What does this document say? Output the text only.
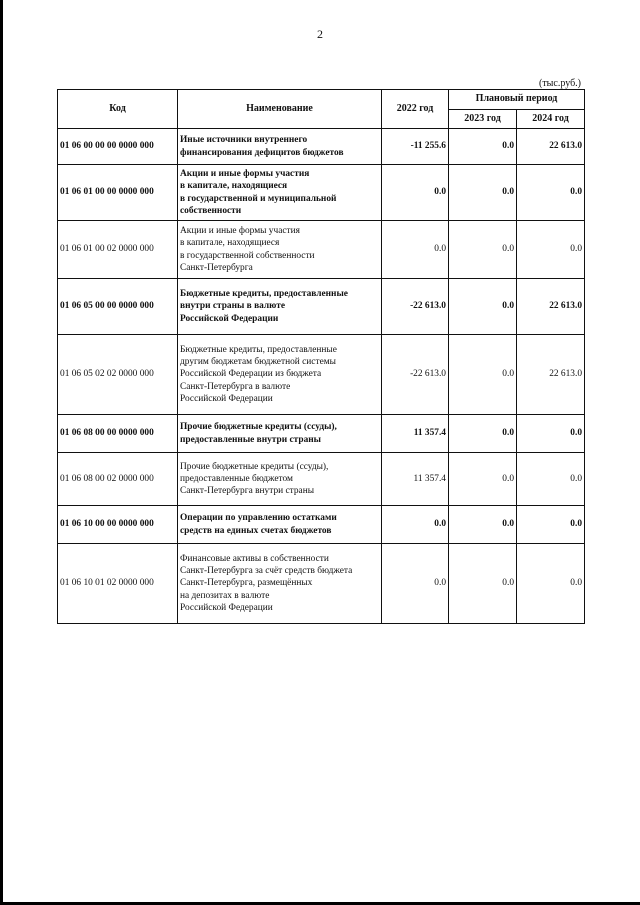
2
(тыс.руб.)
Код	Наименование	2022 год	Плановый период	
			2023 год	2024 год
01 06 00 00 00 0000 000	Иные источники внутреннего
финансирования дефицитов бюджетов	-11 255.6	0.0	22 613.0
01 06 01 00 00 0000 000	Акции и иные формы участия
в капитале, находящиеся
в государственной и муниципальной
собственности	0.0	0.0	0.0
01 06 01 00 02 0000 000	Акции и иные формы участия
в капитале, находящиеся
в государственной собственности
Санкт-Петербурга	0.0	0.0	0.0
01 06 05 00 00 0000 000	Бюджетные кредиты, предоставленные
внутри страны в валюте
Российской Федерации	-22 613.0	0.0	22 613.0
01 06 05 02 02 0000 000	Бюджетные кредиты, предоставленные
другим бюджетам бюджетной системы
Российской Федерации из бюджета
Санкт-Петербурга в валюте
Российской Федерации	-22 613.0	0.0	22 613.0
01 06 08 00 00 0000 000	Прочие бюджетные кредиты (ссуды),
предоставленные внутри страны	11 357.4	0.0	0.0
01 06 08 00 02 0000 000	Прочие бюджетные кредиты (ссуды),
предоставленные бюджетом
Санкт-Петербурга внутри страны	11 357.4	0.0	0.0
01 06 10 00 00 0000 000	Операции по управлению остатками
средств на единых счетах бюджетов	0.0	0.0	0.0
01 06 10 01 02 0000 000	Финансовые активы в собственности
Санкт-Петербурга за счёт средств бюджета
Санкт-Петербурга, размещённых
на депозитах в валюте
Российской Федерации	0.0	0.0	0.0
